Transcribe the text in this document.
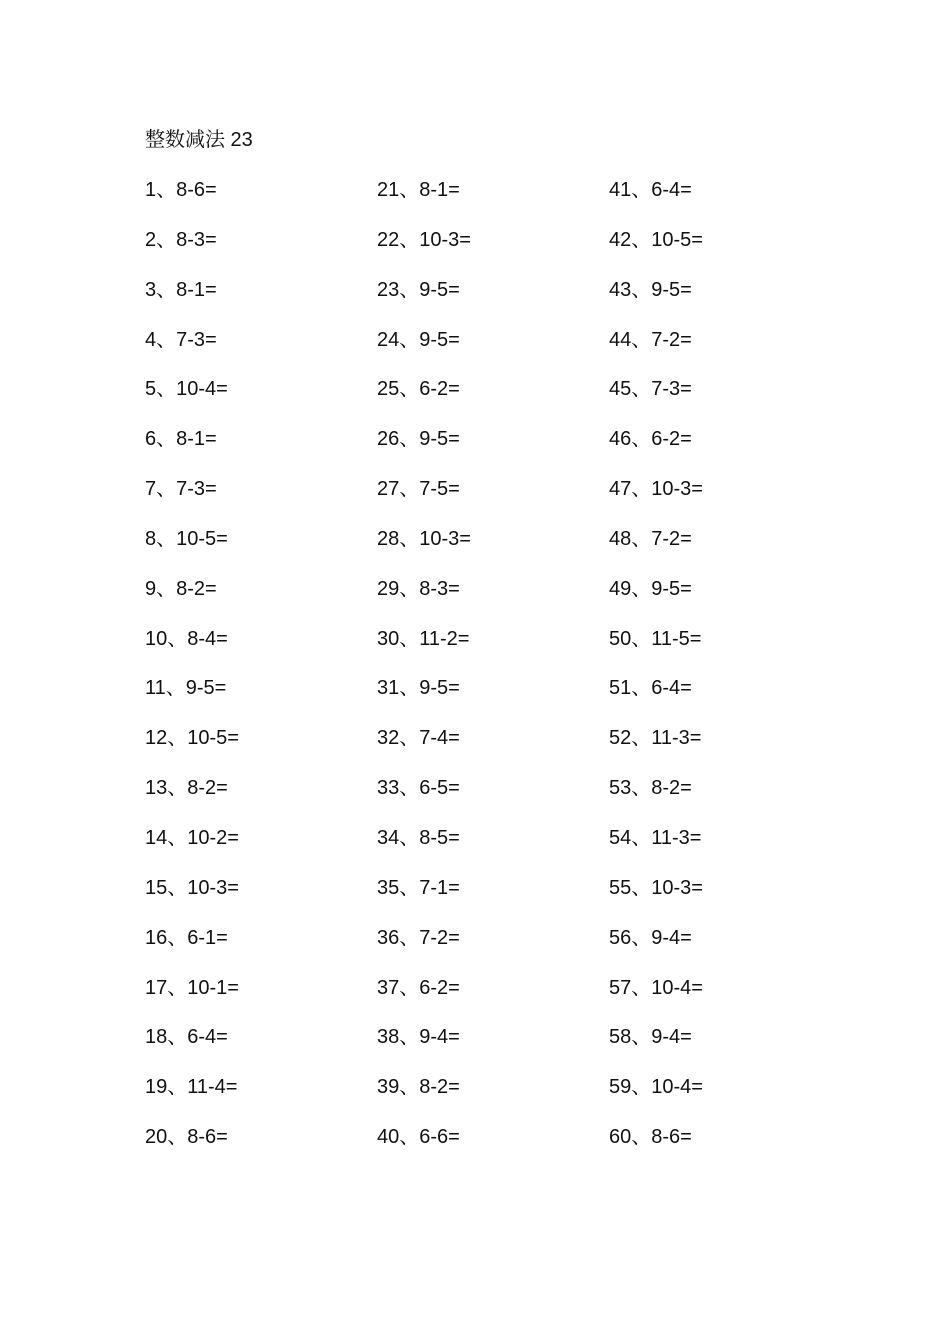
整数减法 23
1、8-6=
2、8-3=
3、8-1=
4、7-3=
5、10-4=
6、8-1=
7、7-3=
8、10-5=
9、8-2=
10、8-4=
11、9-5=
12、10-5=
13、8-2=
14、10-2=
15、10-3=
16、6-1=
17、10-1=
18、6-4=
19、11-4=
20、8-6=
21、8-1=
22、10-3=
23、9-5=
24、9-5=
25、6-2=
26、9-5=
27、7-5=
28、10-3=
29、8-3=
30、11-2=
31、9-5=
32、7-4=
33、6-5=
34、8-5=
35、7-1=
36、7-2=
37、6-2=
38、9-4=
39、8-2=
40、6-6=
41、6-4=
42、10-5=
43、9-5=
44、7-2=
45、7-3=
46、6-2=
47、10-3=
48、7-2=
49、9-5=
50、11-5=
51、6-4=
52、11-3=
53、8-2=
54、11-3=
55、10-3=
56、9-4=
57、10-4=
58、9-4=
59、10-4=
60、8-6=
